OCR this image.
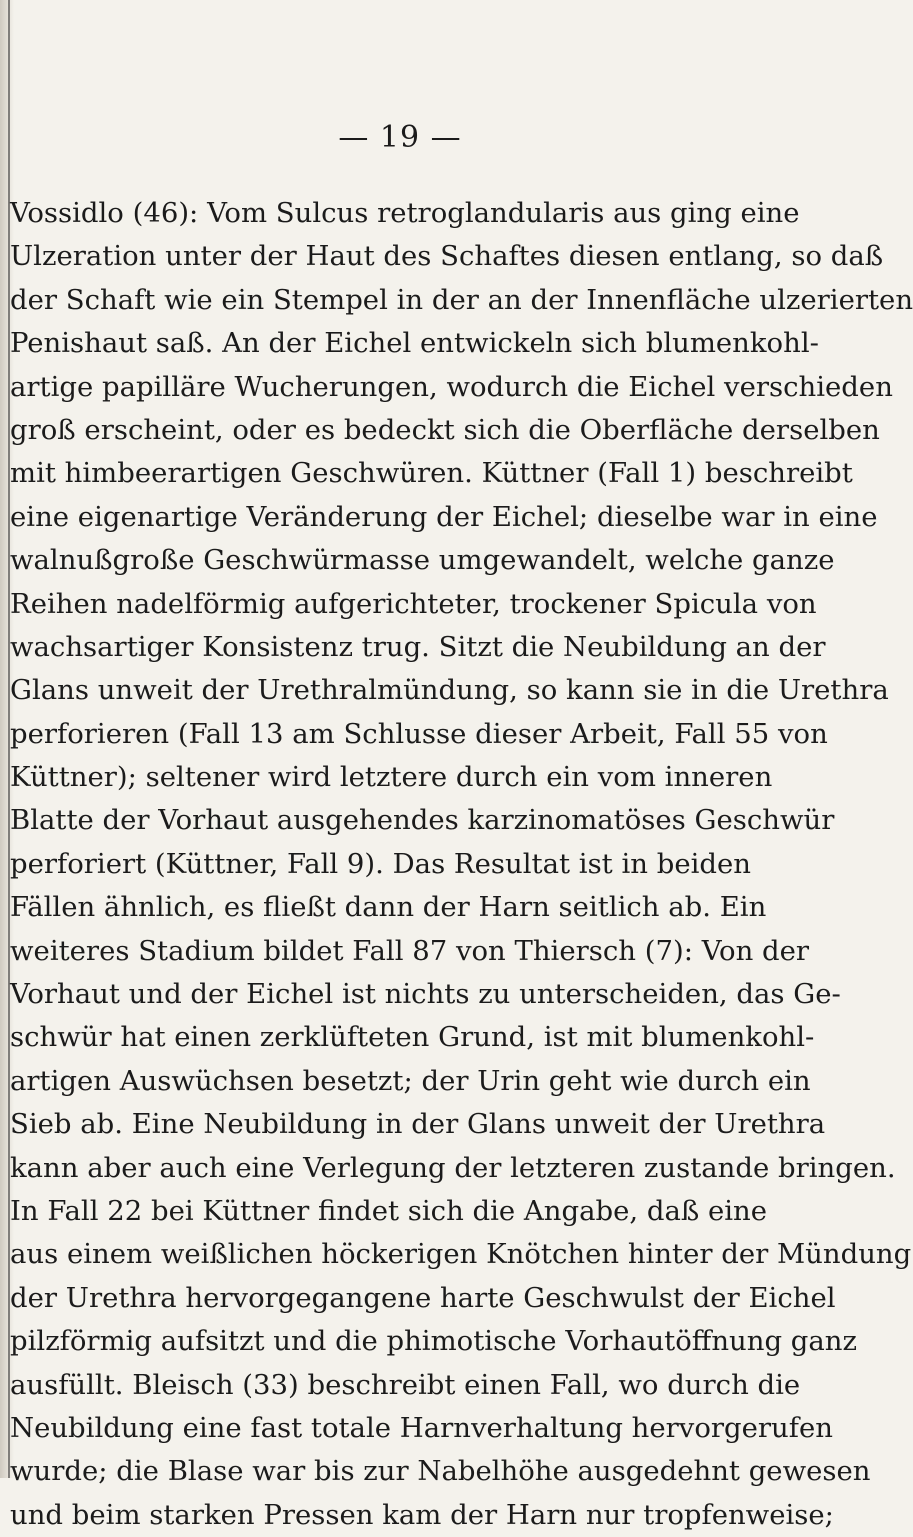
— 19 —
Vossidlo (46): Vom Sulcus retroglandularis aus ging eine
Ulzeration unter der Haut des Schaftes diesen entlang, so daß
der Schaft wie ein Stempel in der an der Innenfläche ulzerierten
Penishaut saß. An der Eichel entwickeln sich blumenkohl-
artige papilläre Wucherungen, wodurch die Eichel verschieden
groß erscheint, oder es bedeckt sich die Oberfläche derselben
mit himbeerartigen Geschwüren. Küttner (Fall 1) beschreibt
eine eigenartige Veränderung der Eichel; dieselbe war in eine
walnußgroße Geschwürmasse umgewandelt, welche ganze
Reihen nadelförmig aufgerichteter, trockener Spicula von
wachsartiger Konsistenz trug. Sitzt die Neubildung an der
Glans unweit der Urethralmündung, so kann sie in die Urethra
perforieren (Fall 13 am Schlusse dieser Arbeit, Fall 55 von
Küttner); seltener wird letztere durch ein vom inneren
Blatte der Vorhaut ausgehendes karzinomatöses Geschwür
perforiert (Küttner, Fall 9). Das Resultat ist in beiden
Fällen ähnlich, es fließt dann der Harn seitlich ab. Ein
weiteres Stadium bildet Fall 87 von Thiersch (7): Von der
Vorhaut und der Eichel ist nichts zu unterscheiden, das Ge-
schwür hat einen zerklüfteten Grund, ist mit blumenkohl-
artigen Auswüchsen besetzt; der Urin geht wie durch ein
Sieb ab. Eine Neubildung in der Glans unweit der Urethra
kann aber auch eine Verlegung der letzteren zustande bringen.
In Fall 22 bei Küttner findet sich die Angabe, daß eine
aus einem weißlichen höckerigen Knötchen hinter der Mündung
der Urethra hervorgegangene harte Geschwulst der Eichel
pilzförmig aufsitzt und die phimotische Vorhautöffnung ganz
ausfüllt. Bleisch (33) beschreibt einen Fall, wo durch die
Neubildung eine fast totale Harnverhaltung hervorgerufen
wurde; die Blase war bis zur Nabelhöhe ausgedehnt gewesen
und beim starken Pressen kam der Harn nur tropfenweise;
